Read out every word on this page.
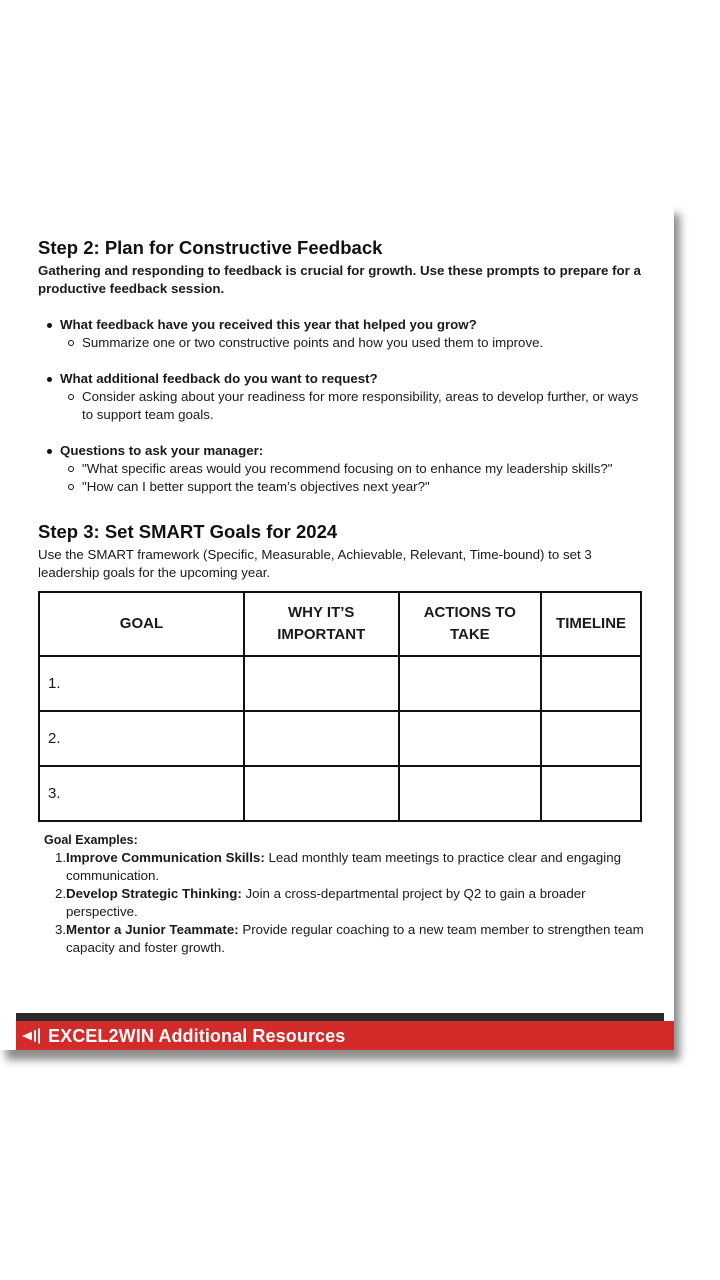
Step 2: Plan for Constructive Feedback

Gathering and responding to feedback is crucial for growth. Use these prompts to prepare for a productive feedback session.

What feedback have you received this year that helped you grow?
Summarize one or two constructive points and how you used them to improve.
What additional feedback do you want to request?
Consider asking about your readiness for more responsibility, areas to develop further, or ways to support team goals.
Questions to ask your manager:
"What specific areas would you recommend focusing on to enhance my leadership skills?"
"How can I better support the team’s objectives next year?"
Step 3: Set SMART Goals for 2024

Use the SMART framework (Specific, Measurable, Achievable, Relevant, Time-bound) to set 3 leadership goals for the upcoming year.

GOAL	WHY IT’S IMPORTANT	ACTIONS TO TAKE	TIMELINE
1.			
2.			
3.			
Goal Examples:
1. Improve Communication Skills: Lead monthly team meetings to practice clear and engaging communication.
2. Develop Strategic Thinking: Join a cross-departmental project by Q2 to gain a broader perspective.
3. Mentor a Junior Teammate: Provide regular coaching to a new team member to strengthen team capacity and foster growth.
EXCEL2WIN Additional Resources
